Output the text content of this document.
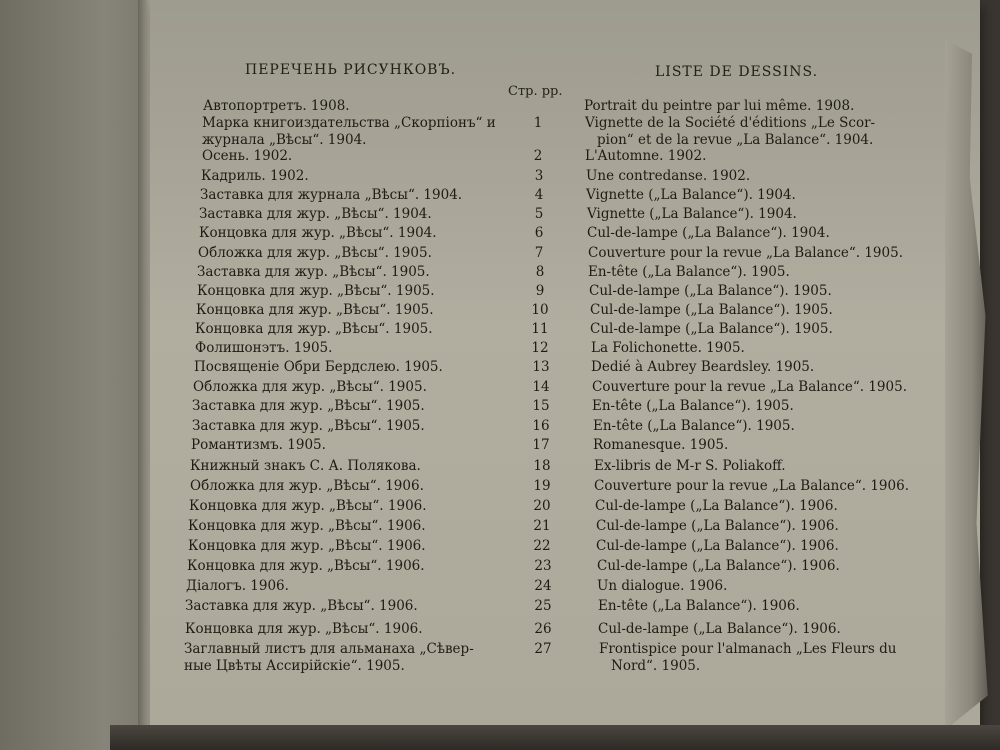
ПЕРЕЧЕНЬ РИСУНКОВЪ.	LISTE DE DESSINS.
Стр. pp.
Автопортретъ. 1908.	Portrait du peintre par lui même. 1908.
Марка книгоиздательства „Скорпіонъ“ и
журнала „Вѣсы“. 1904.
1	Vignette de la Société d'éditions „Le Scor-
pion“ et de la revue „La Balance“. 1904.
Осень. 1902.	2	L'Automne. 1902.
Кадриль. 1902.	3	Une contredanse. 1902.
Заставка для журнала „Вѣсы“. 1904.	4	Vignette („La Balance“). 1904.
Заставка для жур. „Вѣсы“. 1904.	5	Vignette („La Balance“). 1904.
Концовка для жур. „Вѣсы“. 1904.	6	Cul-de-lampe („La Balance“). 1904.
Обложка для жур. „Вѣсы“. 1905.	7	Couverture pour la revue „La Balance“. 1905.
Заставка для жур. „Вѣсы“. 1905.	8	En-tête („La Balance“). 1905.
Концовка для жур. „Вѣсы“. 1905.	9	Cul-de-lampe („La Balance“). 1905.
Концовка для жур. „Вѣсы“. 1905.	10	Cul-de-lampe („La Balance“). 1905.
Концовка для жур. „Вѣсы“. 1905.	11	Cul-de-lampe („La Balance“). 1905.
Фолишонэтъ. 1905.	12	La Folichonette. 1905.
Посвященіе Обри Бердслею. 1905.	13	Dedié à Aubrey Beardsley. 1905.
Обложка для жур. „Вѣсы“. 1905.	14	Couverture pour la revue „La Balance“. 1905.
Заставка для жур. „Вѣсы“. 1905.	15	En-tête („La Balance“). 1905.
Заставка для жур. „Вѣсы“. 1905.	16	En-tête („La Balance“). 1905.
Романтизмъ. 1905.	17	Romanesque. 1905.
Книжный знакъ С. А. Полякова.	18	Ex-libris de M-r S. Poliakoff.
Обложка для жур. „Вѣсы“. 1906.	19	Couverture pour la revue „La Balance“. 1906.
Концовка для жур. „Вѣсы“. 1906.	20	Cul-de-lampe („La Balance“). 1906.
Концовка для жур. „Вѣсы“. 1906.	21	Cul-de-lampe („La Balance“). 1906.
Концовка для жур. „Вѣсы“. 1906.	22	Cul-de-lampe („La Balance“). 1906.
Концовка для жур. „Вѣсы“. 1906.	23	Cul-de-lampe („La Balance“). 1906.
Діалогъ. 1906.	24	Un dialogue. 1906.
Заставка для жур. „Вѣсы“. 1906.	25	En-tête („La Balance“). 1906.
Концовка для жур. „Вѣсы“. 1906.	26	Cul-de-lampe („La Balance“). 1906.
Заглавный листъ для альманаха „Сѣвер-
ные Цвѣты Ассирійскіе“. 1905.
27	Frontispice pour l'almanach „Les Fleurs du
Nord“. 1905.
